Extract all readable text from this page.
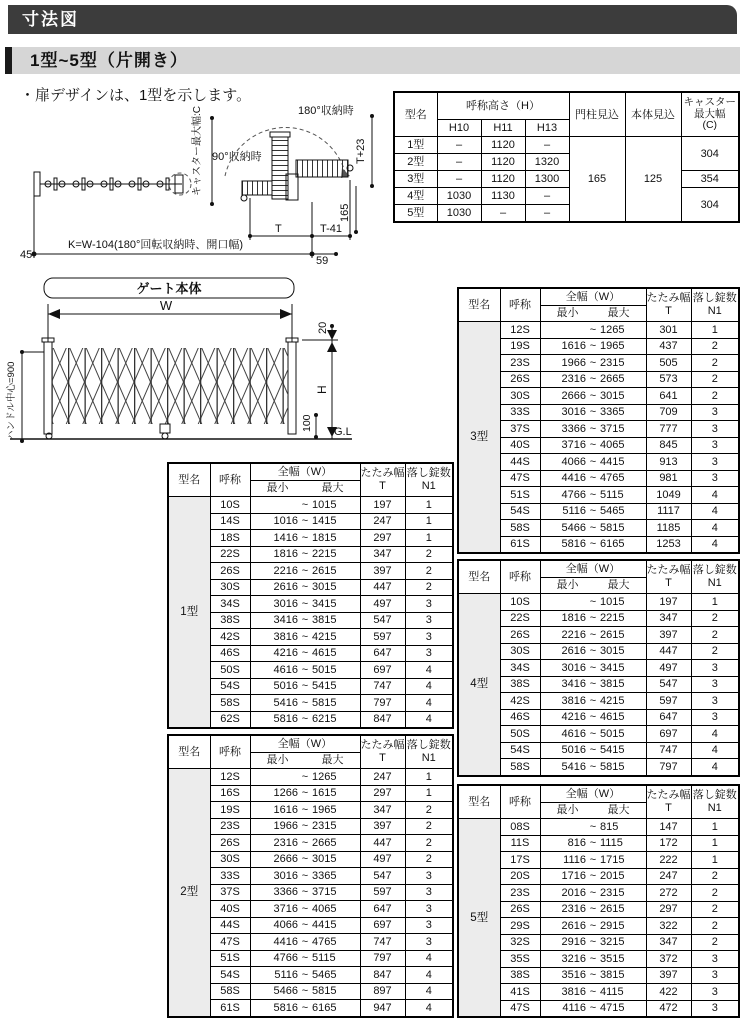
寸法図
1型~5型（片開き）
・扉デザインは、1型を示します。
型名	呼称高さ（H）			門柱見込	本体見込	キャスター
最大幅
(C)

	H10	H11	H13			
1型	–	1120	–	165	125	304
2型	–	1120	1320			
3型	–	1120	1300			354
4型	1030	1130	–			304
5型	1030	–	–			
キャスター最大幅:C	180°収納時
90°収納時
T	T-41
45
K=W-104(180°回転収納時、開口幅)
59
T+23
165
ゲート本体
W
G.L
20
H
100
ハンドル中心=900
型名	呼称	
全幅（W）
最小	最大

たたみ幅
T

落し錠数
N1

1型	10S	~ 1015	197	1
	14S	1016 ~ 1415	247	1
	18S	1416 ~ 1815	297	1
	22S	1816 ~ 2215	347	2
	26S	2216 ~ 2615	397	2
	30S	2616 ~ 3015	447	2
	34S	3016 ~ 3415	497	3
	38S	3416 ~ 3815	547	3
	42S	3816 ~ 4215	597	3
	46S	4216 ~ 4615	647	3
	50S	4616 ~ 5015	697	4
	54S	5016 ~ 5415	747	4
	58S	5416 ~ 5815	797	4
	62S	5816 ~ 6215	847	4
型名	呼称	
全幅（W）
最小	最大

たたみ幅
T

落し錠数
N1

2型	12S	~ 1265	247	1
	16S	1266 ~ 1615	297	1
	19S	1616 ~ 1965	347	2
	23S	1966 ~ 2315	397	2
	26S	2316 ~ 2665	447	2
	30S	2666 ~ 3015	497	2
	33S	3016 ~ 3365	547	3
	37S	3366 ~ 3715	597	3
	40S	3716 ~ 4065	647	3
	44S	4066 ~ 4415	697	3
	47S	4416 ~ 4765	747	3
	51S	4766 ~ 5115	797	4
	54S	5116 ~ 5465	847	4
	58S	5466 ~ 5815	897	4
	61S	5816 ~ 6165	947	4
型名	呼称	
全幅（W）
最小	最大

たたみ幅
T

落し錠数
N1

3型	12S	~ 1265	301	1
	19S	1616 ~ 1965	437	2
	23S	1966 ~ 2315	505	2
	26S	2316 ~ 2665	573	2
	30S	2666 ~ 3015	641	2
	33S	3016 ~ 3365	709	3
	37S	3366 ~ 3715	777	3
	40S	3716 ~ 4065	845	3
	44S	4066 ~ 4415	913	3
	47S	4416 ~ 4765	981	3
	51S	4766 ~ 5115	1049	4
	54S	5116 ~ 5465	1117	4
	58S	5466 ~ 5815	1185	4
	61S	5816 ~ 6165	1253	4
型名	呼称	
全幅（W）
最小	最大

たたみ幅
T

落し錠数
N1

4型	10S	~ 1015	197	1
	22S	1816 ~ 2215	347	2
	26S	2216 ~ 2615	397	2
	30S	2616 ~ 3015	447	2
	34S	3016 ~ 3415	497	3
	38S	3416 ~ 3815	547	3
	42S	3816 ~ 4215	597	3
	46S	4216 ~ 4615	647	3
	50S	4616 ~ 5015	697	4
	54S	5016 ~ 5415	747	4
	58S	5416 ~ 5815	797	4
型名	呼称	
全幅（W）
最小	最大

たたみ幅
T

落し錠数
N1

5型	08S	~ 815	147	1
	11S	816 ~ 1115	172	1
	17S	1116 ~ 1715	222	1
	20S	1716 ~ 2015	247	2
	23S	2016 ~ 2315	272	2
	26S	2316 ~ 2615	297	2
	29S	2616 ~ 2915	322	2
	32S	2916 ~ 3215	347	2
	35S	3216 ~ 3515	372	3
	38S	3516 ~ 3815	397	3
	41S	3816 ~ 4115	422	3
	47S	4116 ~ 4715	472	3
